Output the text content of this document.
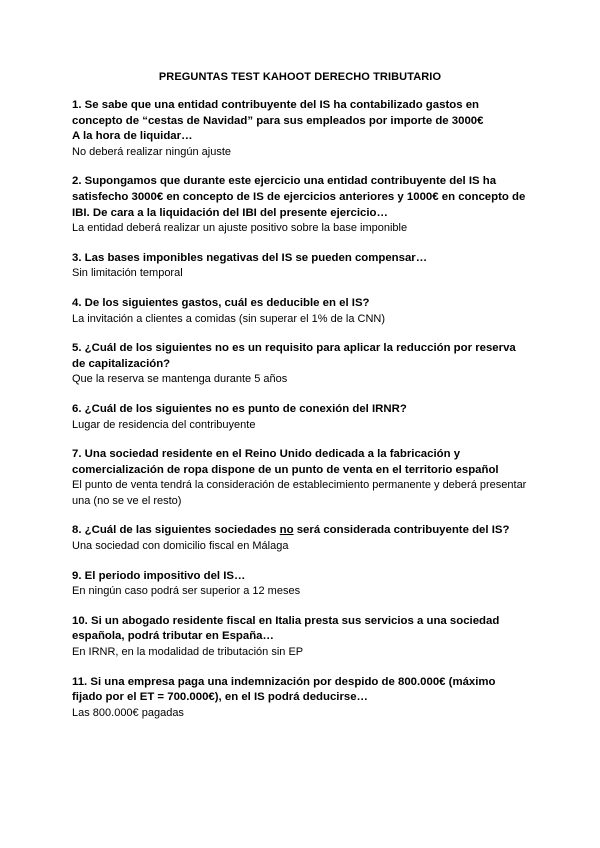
PREGUNTAS TEST KAHOOT DERECHO TRIBUTARIO

1. Se sabe que una entidad contribuyente del IS ha contabilizado gastos en concepto de “cestas de Navidad” para sus empleados por importe de 3000€

A la hora de liquidar…

No deberá realizar ningún ajuste

2. Supongamos que durante este ejercicio una entidad contribuyente del IS ha satisfecho 3000€ en concepto de IS de ejercicios anteriores y 1000€ en concepto de IBI. De cara a la liquidación del IBI del presente ejercicio…

La entidad deberá realizar un ajuste positivo sobre la base imponible

3. Las bases imponibles negativas del IS se pueden compensar…

Sin limitación temporal

4. De los siguientes gastos, cuál es deducible en el IS?

La invitación a clientes a comidas (sin superar el 1% de la CNN)

5. ¿Cuál de los siguientes no es un requisito para aplicar la reducción por reserva de capitalización?

Que la reserva se mantenga durante 5 años

6. ¿Cuál de los siguientes no es punto de conexión del IRNR?

Lugar de residencia del contribuyente

7. Una sociedad residente en el Reino Unido dedicada a la fabricación y comercialización de ropa dispone de un punto de venta en el territorio español

El punto de venta tendrá la consideración de establecimiento permanente y deberá presentar una (no se ve el resto)

8. ¿Cuál de las siguientes sociedades no será considerada contribuyente del IS?

Una sociedad con domicilio fiscal en Málaga

9. El periodo impositivo del IS…

En ningún caso podrá ser superior a 12 meses

10. Si un abogado residente fiscal en Italia presta sus servicios a una sociedad española, podrá tributar en España…

En IRNR, en la modalidad de tributación sin EP

11. Si una empresa paga una indemnización por despido de 800.000€ (máximo fijado por el ET = 700.000€), en el IS podrá deducirse…

Las 800.000€ pagadas
